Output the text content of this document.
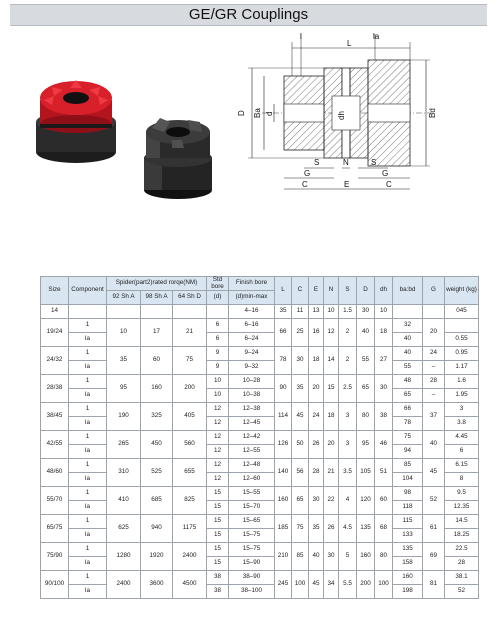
GE/GR Couplings
l
L
la
D Ba d	dh	Bd
S	N	S
G	G
C	E	C
Size	Component	Spider(part2)rated rorqe(NM)			Std bore	Finish bore	L	C	E	N	S	D	dh	ba:bd	G	weight (kg)
		92 Sh A	98 Sh A	64 Sh D	(d)	(d)min-max										
14						4–16	35	11	13	10	1.5	30	10			045
19/24	1	10	17	21	6	6–16	66	25	16	12	2	40	18	32	20	
	la				6	6–24								40		0.55
24/32	1	35	60	75	9	9–24	78	30	18	14	2	55	27	40	24	0.95
	la				9	9–32								55	–	1.17
28/38	1	95	160	200	10	10–28	90	35	20	15	2.5	65	30	48	28	1.6
	la				10	10–38								65	–	1.95
38/45	1	190	325	405	12	12–38	114	45	24	18	3	80	38	66	37	3
	la				12	12–45								78		3.8
42/55	1	265	450	560	12	12–42	126	50	26	20	3	95	46	75	40	4.45
	la				12	12–55								94		6
48/60	1	310	525	655	12	12–48	140	56	28	21	3.5	105	51	85	45	6.15
	la				12	12–60								104		8
55/70	1	410	685	825	15	15–55	160	65	30	22	4	120	60	98	52	9.5
	la				15	15–70								118		12.35
65/75	1	625	940	1175	15	15–65	185	75	35	26	4.5	135	68	115	61	14.5
	la				15	15–75								133		18.25
75/90	1	1280	1920	2400	15	15–75	210	85	40	30	5	160	80	135	69	22.5
	la				15	15–90								158		28
90/100	1	2400	3600	4500	38	38–90	245	100	45	34	5.5	200	100	160	81	38.1
	la				38	38–100								198		52
